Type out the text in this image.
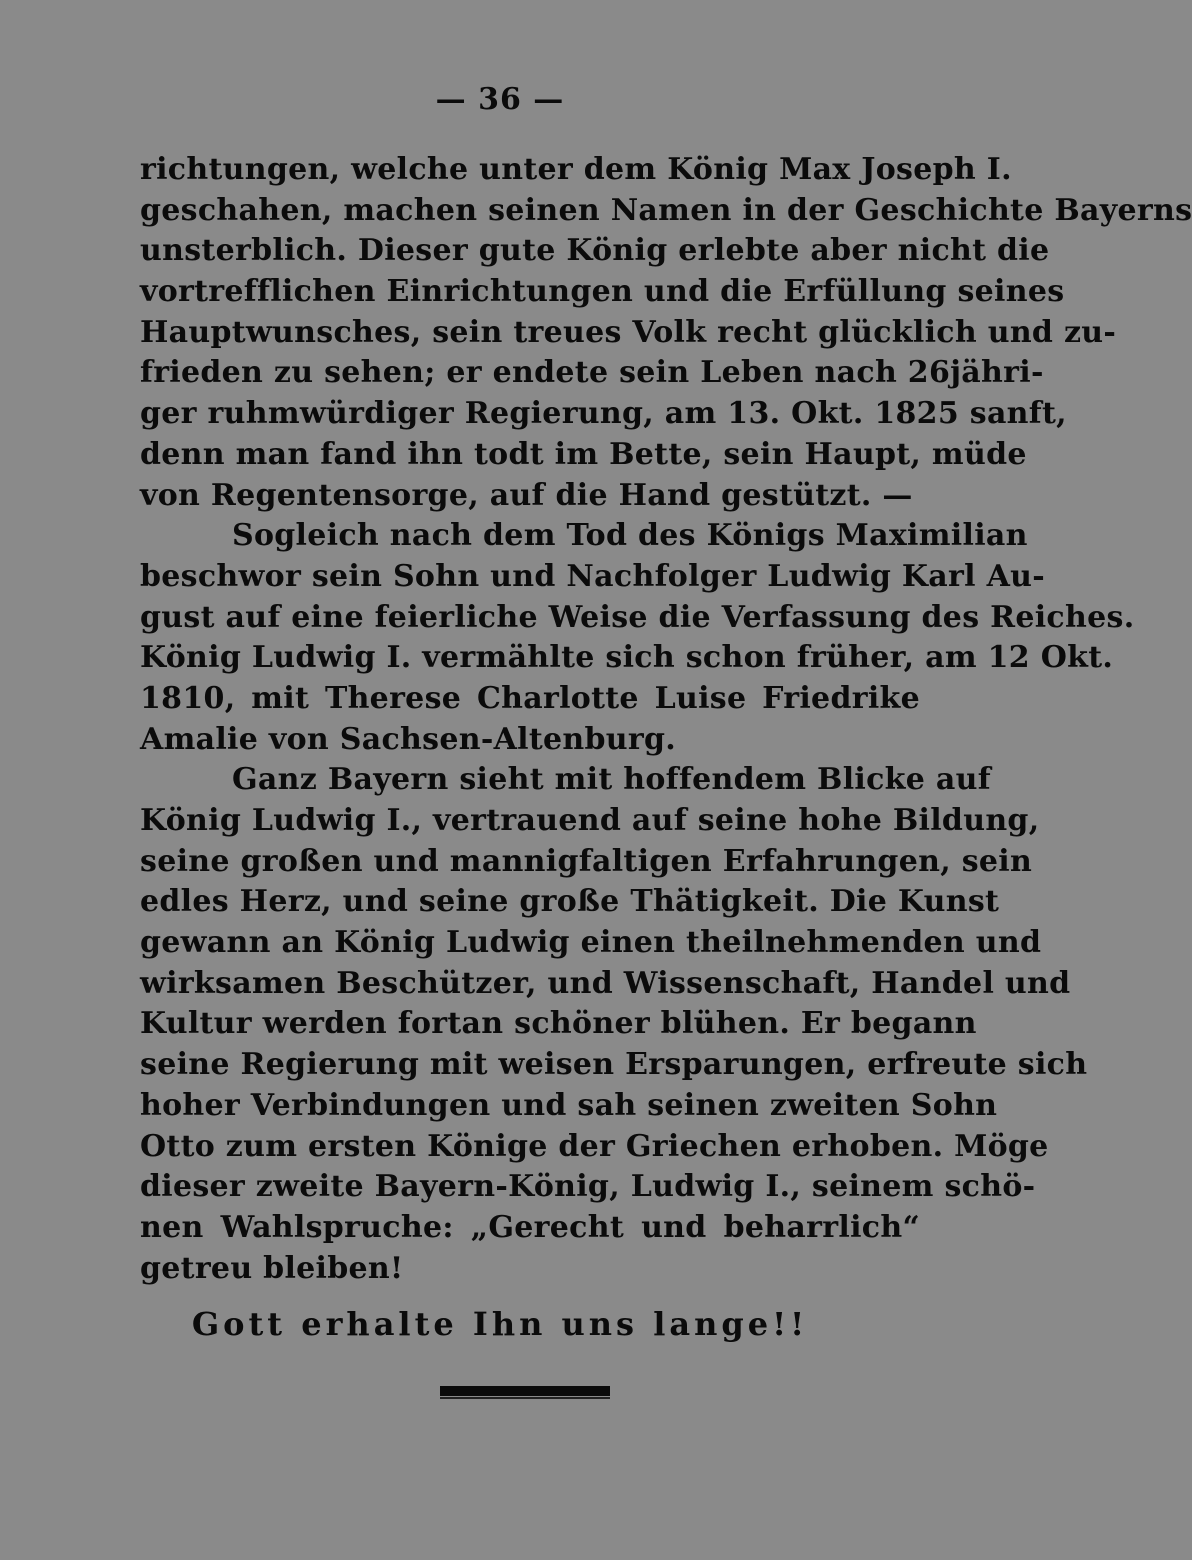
— 36 —
richtungen, welche unter dem König Max Joseph I.
geschahen, machen seinen Namen in der Geschichte Bayerns
unsterblich. Dieser gute König erlebte aber nicht die
vortrefflichen Einrichtungen und die Erfüllung seines
Hauptwunsches, sein treues Volk recht glücklich und zu-
frieden zu sehen; er endete sein Leben nach 26jähri-
ger ruhmwürdiger Regierung, am 13. Okt. 1825 sanft,
denn man fand ihn todt im Bette, sein Haupt, müde
von Regentensorge, auf die Hand gestützt. —
Sogleich nach dem Tod des Königs Maximilian
beschwor sein Sohn und Nachfolger Ludwig Karl Au-
gust auf eine feierliche Weise die Verfassung des Reiches.
König Ludwig I. vermählte sich schon früher, am 12 Okt.
1810, mit Therese Charlotte Luise Friedrike
Amalie von Sachsen-Altenburg.
Ganz Bayern sieht mit hoffendem Blicke auf
König Ludwig I., vertrauend auf seine hohe Bildung,
seine großen und mannigfaltigen Erfahrungen, sein
edles Herz, und seine große Thätigkeit. Die Kunst
gewann an König Ludwig einen theilnehmenden und
wirksamen Beschützer, und Wissenschaft, Handel und
Kultur werden fortan schöner blühen. Er begann
seine Regierung mit weisen Ersparungen, erfreute sich
hoher Verbindungen und sah seinen zweiten Sohn
Otto zum ersten Könige der Griechen erhoben. Möge
dieser zweite Bayern-König, Ludwig I., seinem schö-
nen Wahlspruche: „Gerecht und beharrlich“
getreu bleiben!
Gott erhalte Ihn uns lange!!
